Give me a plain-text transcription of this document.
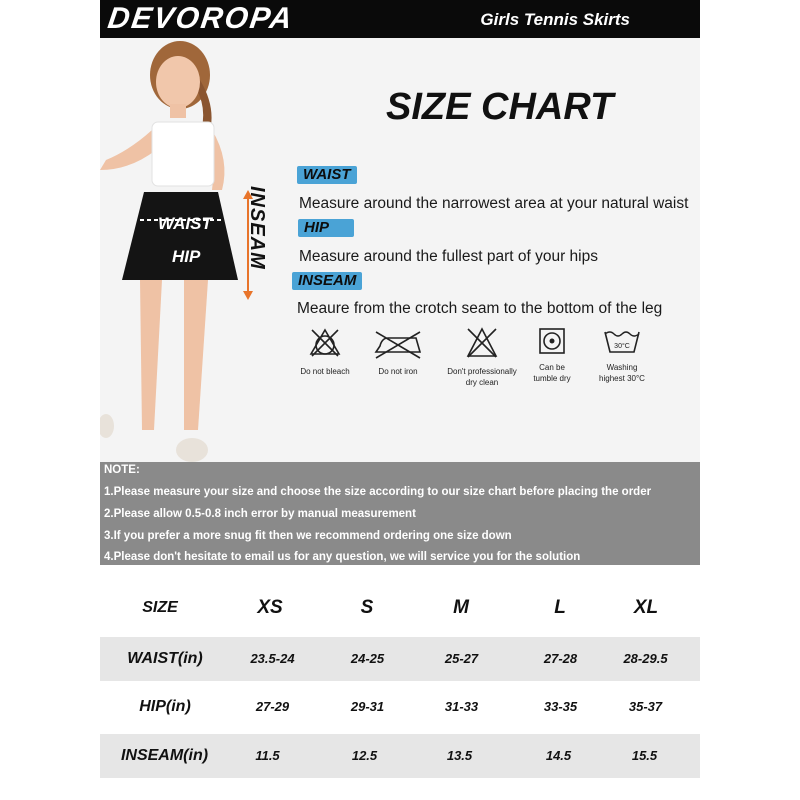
DEVOROPA	Girls Tennis Skirts
WAIST
HIP INSEAM
SIZE CHART
WAIST
Measure around the narrowest area at your natural waist
HIP
Measure around the fullest part of your hips
INSEAM
Meaure from the crotch seam to the bottom of the leg
Do not bleach	Do not iron	Don't professionally
dry clean
Can be
tumble dry
30°C
Washing
highest 30°C
NOTE:
1.Please measure your size and choose the size according to our size chart before placing the order
2.Please allow 0.5-0.8 inch error by manual measurement
3.If you prefer a more snug fit then we recommend ordering one size down
4.Please don't hesitate to email us for any question, we will service you for the solution
SIZE	XS	S	M	L	XL
WAIST(in)	23.5-24	24-25	25-27	27-28	28-29.5
HIP(in)	27-29	29-31	31-33	33-35	35-37
INSEAM(in)	11.5	12.5	13.5	14.5	15.5
